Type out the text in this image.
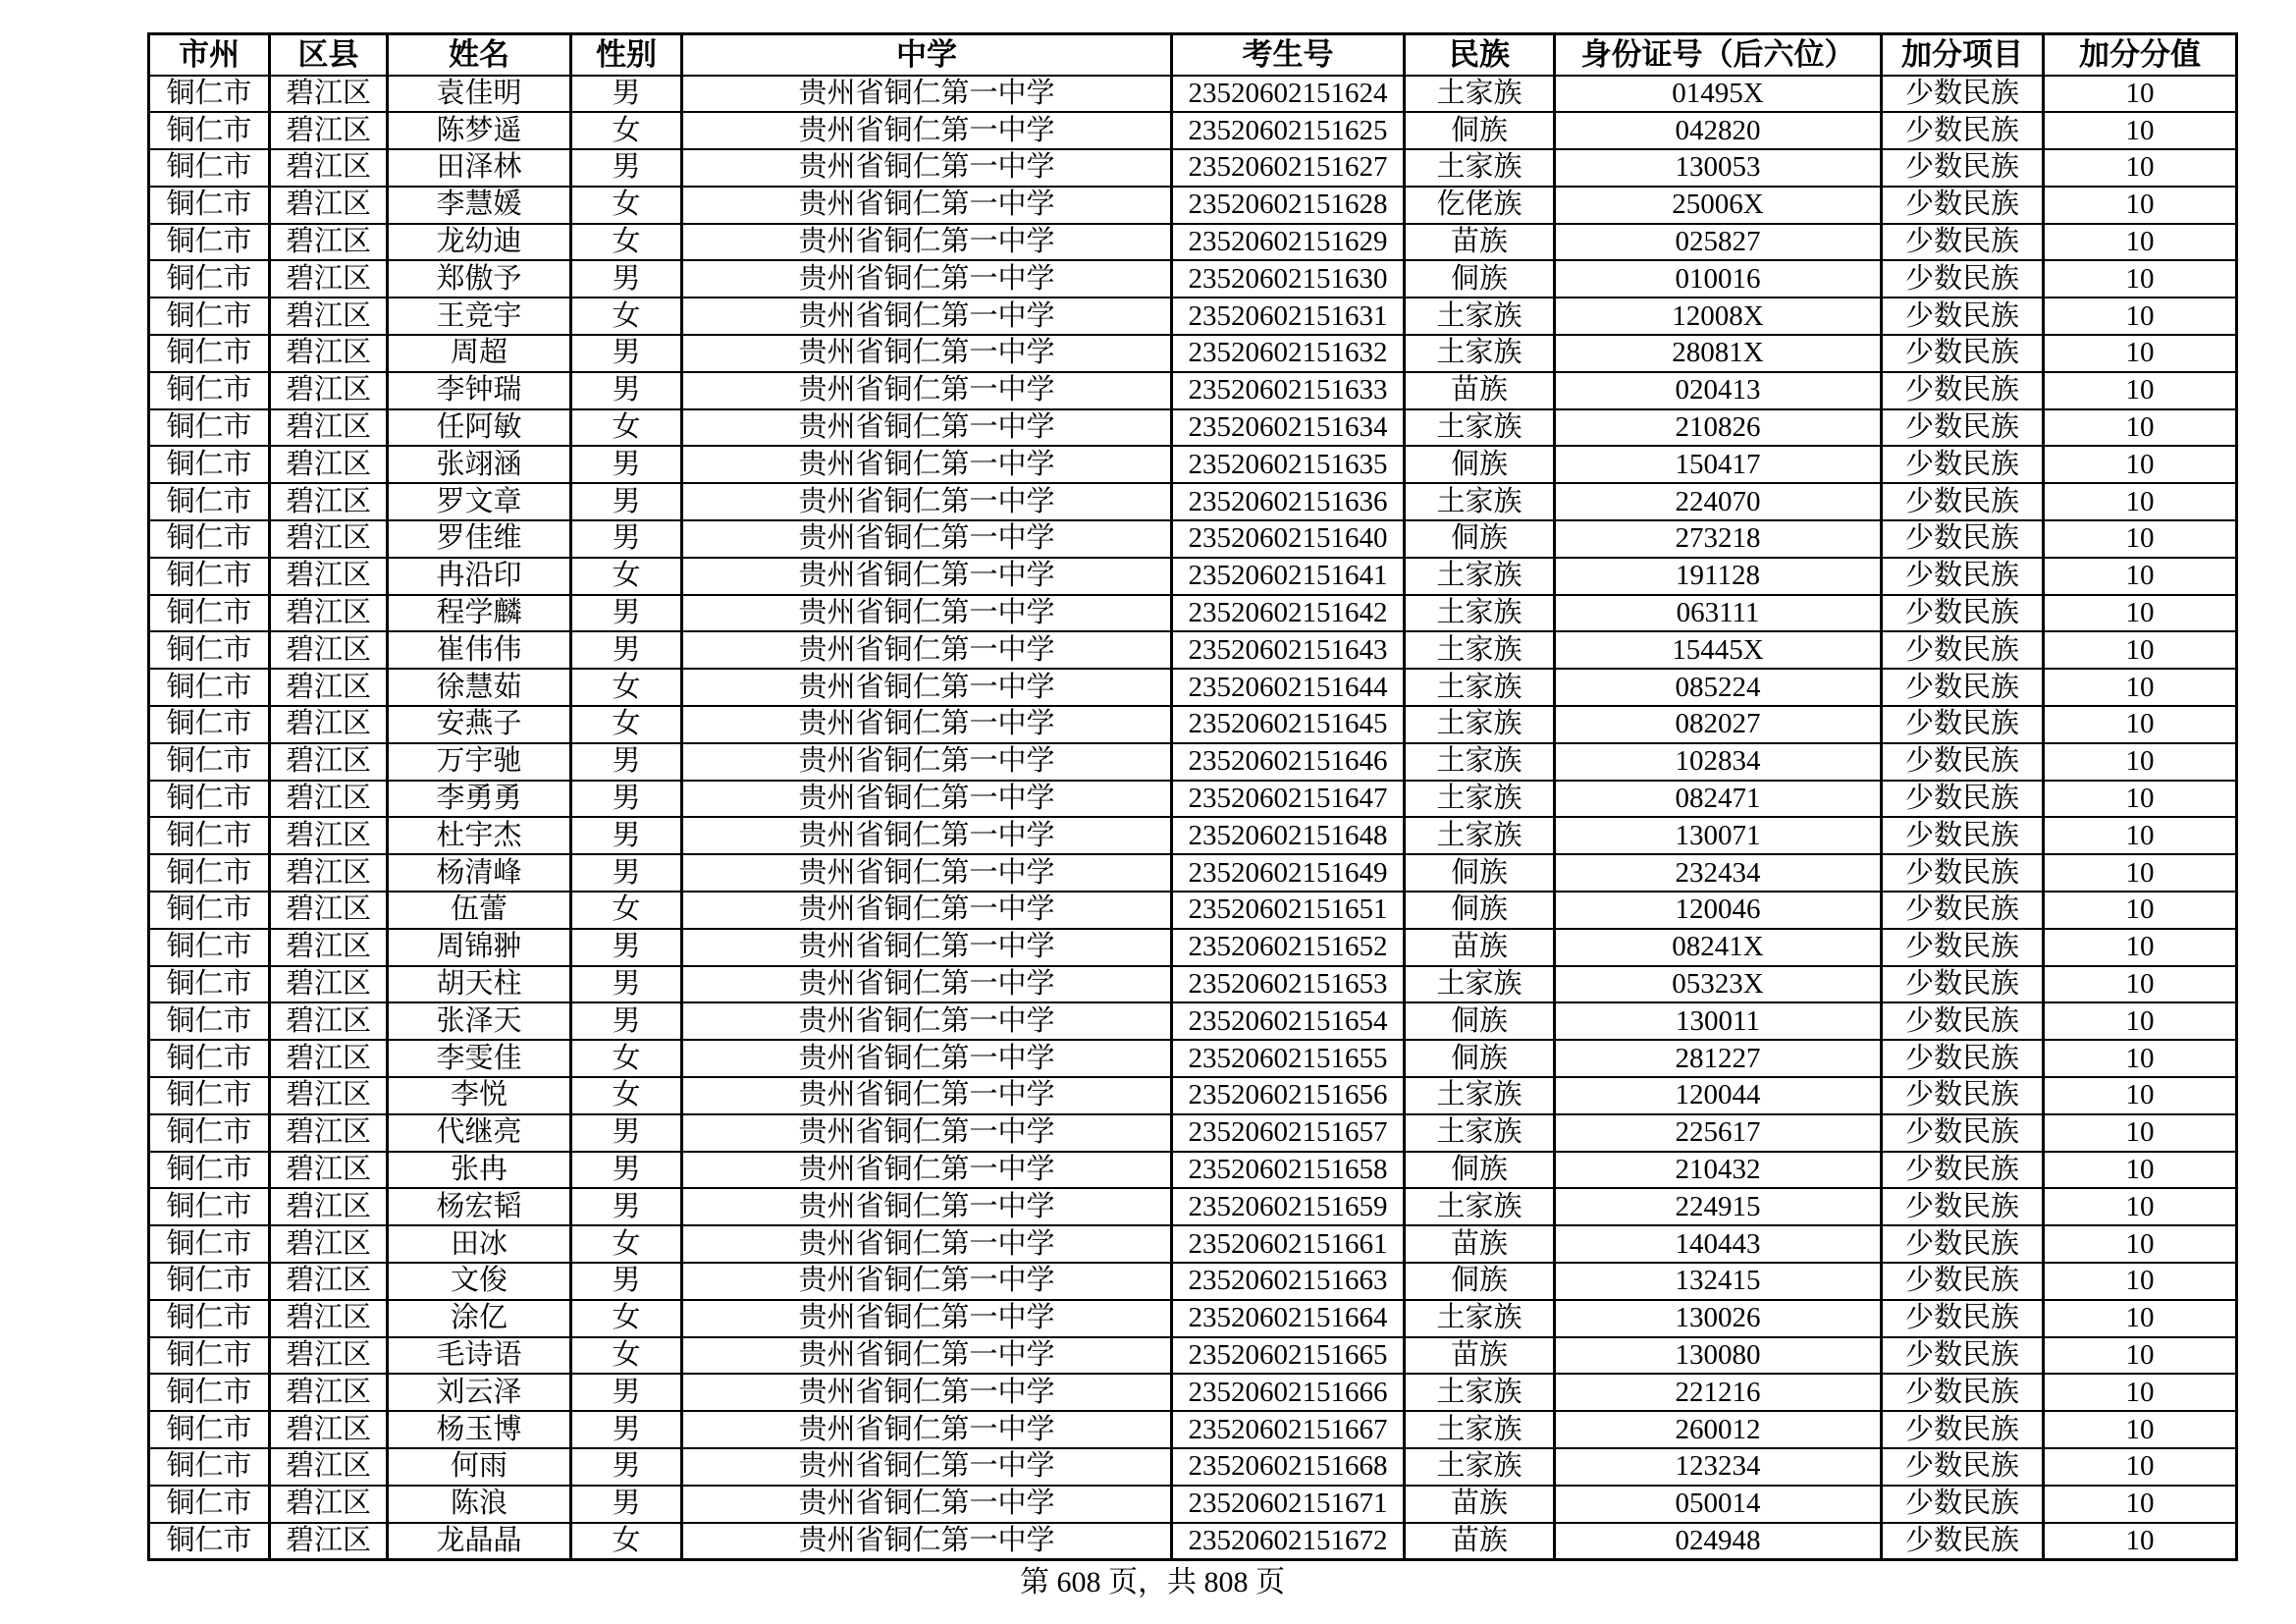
市州	区县	姓名	性别	中学	考生号	民族	身份证号（后六位）	加分项目	加分分值
铜仁市	碧江区	袁佳明	男	贵州省铜仁第一中学	23520602151624	土家族	01495X	少数民族	10
铜仁市	碧江区	陈梦遥	女	贵州省铜仁第一中学	23520602151625	侗族	042820	少数民族	10
铜仁市	碧江区	田泽林	男	贵州省铜仁第一中学	23520602151627	土家族	130053	少数民族	10
铜仁市	碧江区	李慧媛	女	贵州省铜仁第一中学	23520602151628	仡佬族	25006X	少数民族	10
铜仁市	碧江区	龙幼迪	女	贵州省铜仁第一中学	23520602151629	苗族	025827	少数民族	10
铜仁市	碧江区	郑傲予	男	贵州省铜仁第一中学	23520602151630	侗族	010016	少数民族	10
铜仁市	碧江区	王竞宇	女	贵州省铜仁第一中学	23520602151631	土家族	12008X	少数民族	10
铜仁市	碧江区	周超	男	贵州省铜仁第一中学	23520602151632	土家族	28081X	少数民族	10
铜仁市	碧江区	李钟瑞	男	贵州省铜仁第一中学	23520602151633	苗族	020413	少数民族	10
铜仁市	碧江区	任阿敏	女	贵州省铜仁第一中学	23520602151634	土家族	210826	少数民族	10
铜仁市	碧江区	张翊涵	男	贵州省铜仁第一中学	23520602151635	侗族	150417	少数民族	10
铜仁市	碧江区	罗文章	男	贵州省铜仁第一中学	23520602151636	土家族	224070	少数民族	10
铜仁市	碧江区	罗佳维	男	贵州省铜仁第一中学	23520602151640	侗族	273218	少数民族	10
铜仁市	碧江区	冉沿印	女	贵州省铜仁第一中学	23520602151641	土家族	191128	少数民族	10
铜仁市	碧江区	程学麟	男	贵州省铜仁第一中学	23520602151642	土家族	063111	少数民族	10
铜仁市	碧江区	崔伟伟	男	贵州省铜仁第一中学	23520602151643	土家族	15445X	少数民族	10
铜仁市	碧江区	徐慧茹	女	贵州省铜仁第一中学	23520602151644	土家族	085224	少数民族	10
铜仁市	碧江区	安燕子	女	贵州省铜仁第一中学	23520602151645	土家族	082027	少数民族	10
铜仁市	碧江区	万宇驰	男	贵州省铜仁第一中学	23520602151646	土家族	102834	少数民族	10
铜仁市	碧江区	李勇勇	男	贵州省铜仁第一中学	23520602151647	土家族	082471	少数民族	10
铜仁市	碧江区	杜宇杰	男	贵州省铜仁第一中学	23520602151648	土家族	130071	少数民族	10
铜仁市	碧江区	杨清峰	男	贵州省铜仁第一中学	23520602151649	侗族	232434	少数民族	10
铜仁市	碧江区	伍蕾	女	贵州省铜仁第一中学	23520602151651	侗族	120046	少数民族	10
铜仁市	碧江区	周锦翀	男	贵州省铜仁第一中学	23520602151652	苗族	08241X	少数民族	10
铜仁市	碧江区	胡天柱	男	贵州省铜仁第一中学	23520602151653	土家族	05323X	少数民族	10
铜仁市	碧江区	张泽天	男	贵州省铜仁第一中学	23520602151654	侗族	130011	少数民族	10
铜仁市	碧江区	李雯佳	女	贵州省铜仁第一中学	23520602151655	侗族	281227	少数民族	10
铜仁市	碧江区	李悦	女	贵州省铜仁第一中学	23520602151656	土家族	120044	少数民族	10
铜仁市	碧江区	代继亮	男	贵州省铜仁第一中学	23520602151657	土家族	225617	少数民族	10
铜仁市	碧江区	张冉	男	贵州省铜仁第一中学	23520602151658	侗族	210432	少数民族	10
铜仁市	碧江区	杨宏韬	男	贵州省铜仁第一中学	23520602151659	土家族	224915	少数民族	10
铜仁市	碧江区	田冰	女	贵州省铜仁第一中学	23520602151661	苗族	140443	少数民族	10
铜仁市	碧江区	文俊	男	贵州省铜仁第一中学	23520602151663	侗族	132415	少数民族	10
铜仁市	碧江区	涂亿	女	贵州省铜仁第一中学	23520602151664	土家族	130026	少数民族	10
铜仁市	碧江区	毛诗语	女	贵州省铜仁第一中学	23520602151665	苗族	130080	少数民族	10
铜仁市	碧江区	刘云泽	男	贵州省铜仁第一中学	23520602151666	土家族	221216	少数民族	10
铜仁市	碧江区	杨玉博	男	贵州省铜仁第一中学	23520602151667	土家族	260012	少数民族	10
铜仁市	碧江区	何雨	男	贵州省铜仁第一中学	23520602151668	土家族	123234	少数民族	10
铜仁市	碧江区	陈浪	男	贵州省铜仁第一中学	23520602151671	苗族	050014	少数民族	10
铜仁市	碧江区	龙晶晶	女	贵州省铜仁第一中学	23520602151672	苗族	024948	少数民族	10
第 608 页，共 808 页
